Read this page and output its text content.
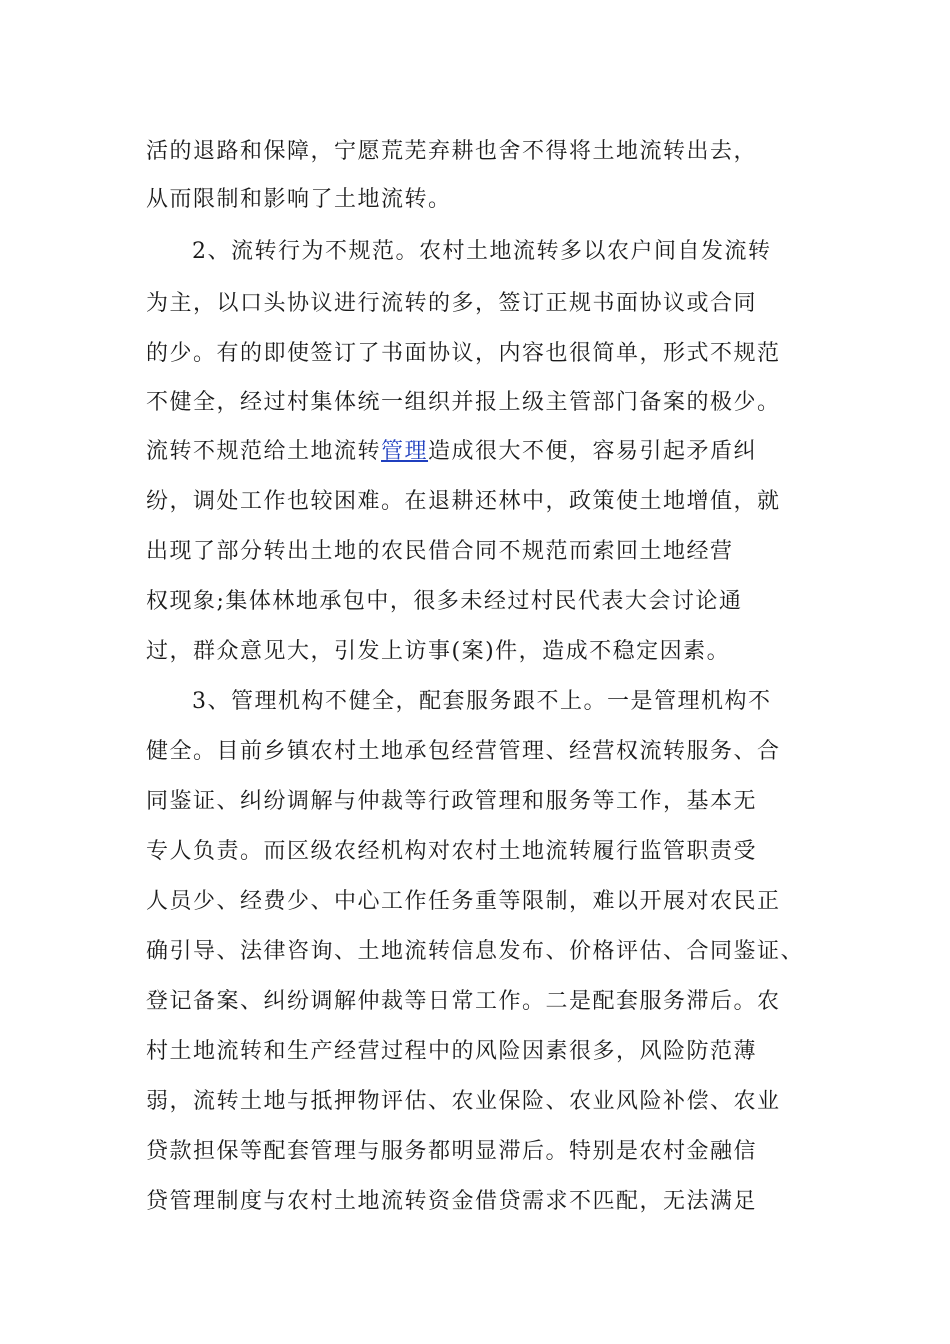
活的退路和保障，宁愿荒芜弃耕也舍不得将土地流转出去，
从而限制和影响了土地流转。
2、流转行为不规范。农村土地流转多以农户间自发流转
为主，以口头协议进行流转的多，签订正规书面协议或合同
的少。有的即使签订了书面协议，内容也很简单，形式不规范
不健全，经过村集体统一组织并报上级主管部门备案的极少。
流转不规范给土地流转管理造成很大不便，容易引起矛盾纠
纷，调处工作也较困难。在退耕还林中，政策使土地增值，就
出现了部分转出土地的农民借合同不规范而索回土地经营
权现象;集体林地承包中，很多未经过村民代表大会讨论通
过，群众意见大，引发上访事(案)件，造成不稳定因素。
3、管理机构不健全，配套服务跟不上。一是管理机构不
健全。目前乡镇农村土地承包经营管理、经营权流转服务、合
同鉴证、纠纷调解与仲裁等行政管理和服务等工作，基本无
专人负责。而区级农经机构对农村土地流转履行监管职责受
人员少、经费少、中心工作任务重等限制，难以开展对农民正
确引导、法律咨询、土地流转信息发布、价格评估、合同鉴证、
登记备案、纠纷调解仲裁等日常工作。二是配套服务滞后。农
村土地流转和生产经营过程中的风险因素很多，风险防范薄
弱，流转土地与抵押物评估、农业保险、农业风险补偿、农业
贷款担保等配套管理与服务都明显滞后。特别是农村金融信
贷管理制度与农村土地流转资金借贷需求不匹配，无法满足
